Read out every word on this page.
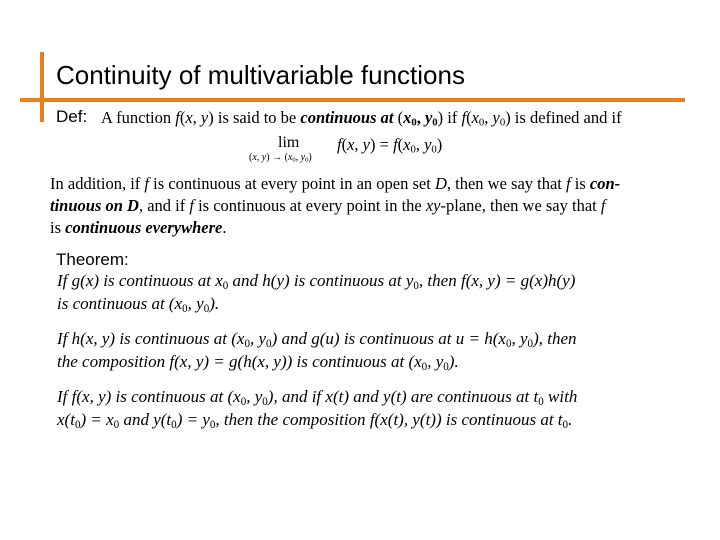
Continuity of multivariable functions
Def: A function f(x, y) is said to be continuous at ($x_0$, $y_0$) if $f(x_0$, $y_0$) is defined and if
lim
(x, $y) \to (x_0$, $y_0$)
f(x, $y) = f(x_0$, $y_0$)
In addition, if f is continuous at every point in an open set D, then we say that f is con-
tinuous on D, and if f is continuous at every point in the xy-plane, then we say that f
is continuous everywhere.
Theorem:
If g(x) is continuous at $x_0$ and h(y) is continuous at $y_0$, then f(x, y) = g(x)h(y)
is continuous at ($x_0$, $y_0$).
If h(x, y) is continuous at ($x_0$, $y_0$) and g(u) is continuous at $u = h(x_0$, $y_0$), then
the composition f(x, y) = g(h(x, y)) is continuous at ($x_0$, $y_0$).
If f(x, y) is continuous at ($x_0$, $y_0$), and if x(t) and y(t) are continuous at $t_0$ with
$x(t_0) = x_0$ and $y(t_0) = y_0$, then the composition f(x(t), y(t)) is continuous at $t_0$.
